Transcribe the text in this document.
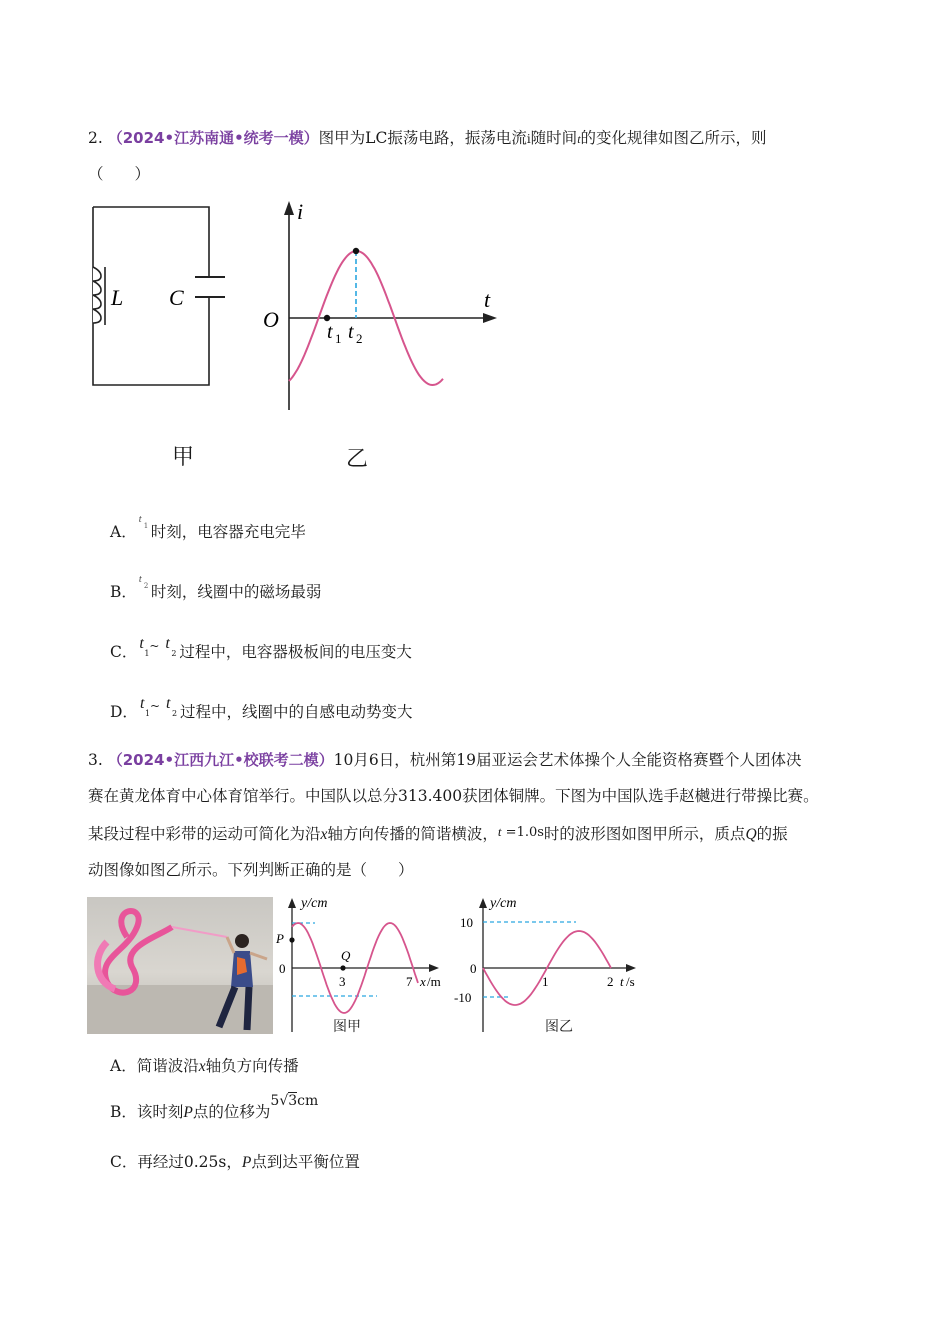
2. （2024•江苏南通•统考一模）图甲为LC振荡电路，振荡电流i随时间t的变化规律如图乙所示，则
（　　）
L C
甲
i
t
O t 1 t 2
乙
A．
t
1 时刻，电容器充电完毕
B．
t
2 时刻，线圈中的磁场最弱
C． t
1
~ t
2 过程中，电容器极板间的电压变大
D． t
1
~ t
2 过程中，线圈中的自感电动势变大
3. （2024•江西九江•校联考二模）10月6日，杭州第19届亚运会艺术体操个人全能资格赛暨个人团体决
赛在黄龙体育中心体育馆举行。中国队以总分313.400获团体铜牌。下图为中国队选手赵樾进行带操比赛。
某段过程中彩带的运动可简化为沿x轴方向传播的简谐横波，t =1.0s时的波形图如图甲所示，质点Q的振
动图像如图乙所示。下列判断正确的是（　　）
y/cm
P
Q
0
3	7 x /m
图甲
y/cm
10
0
-10
1	2 t /s
图乙
A．简谐波沿x轴负方向传播
B．该时刻P点的位移为5√3cm
C．再经过0.25s，P点到达平衡位置
